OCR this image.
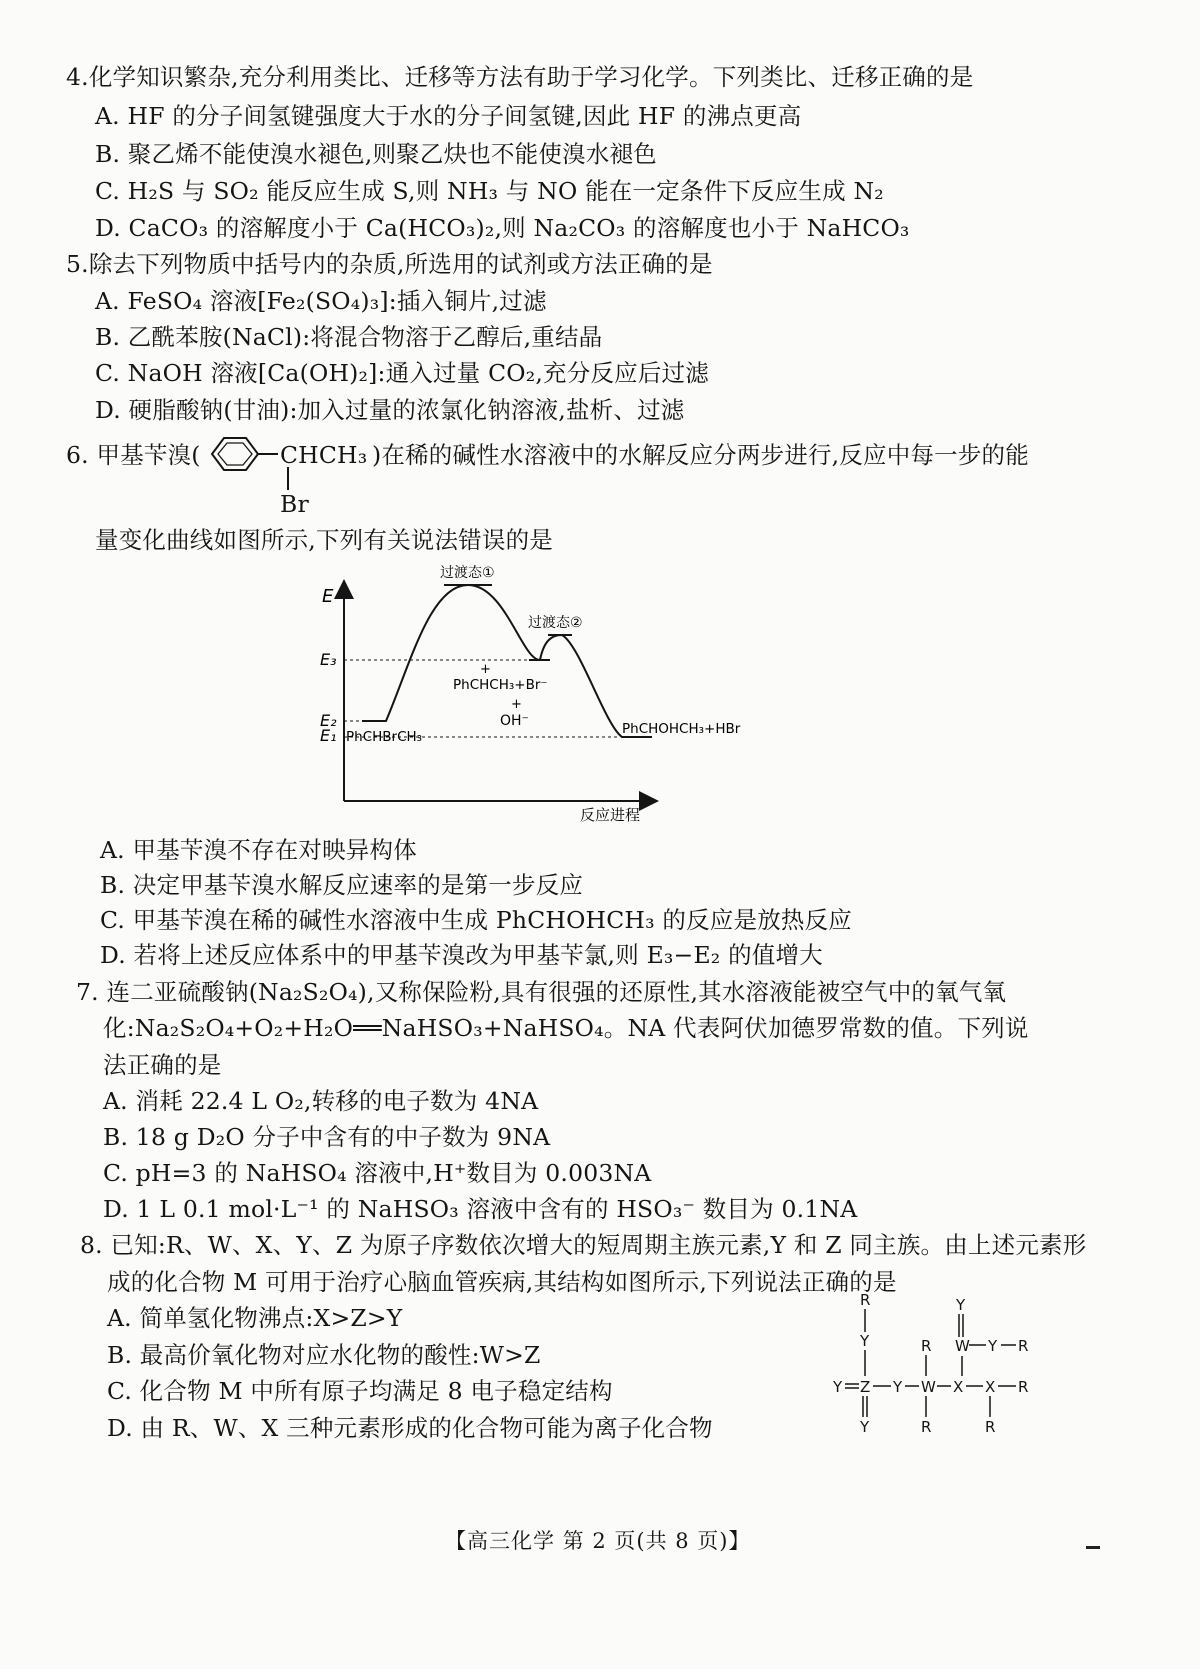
4.化学知识繁杂,充分利用类比、迁移等方法有助于学习化学。下列类比、迁移正确的是
A. HF 的分子间氢键强度大于水的分子间氢键,因此 HF 的沸点更高
B. 聚乙烯不能使溴水褪色,则聚乙炔也不能使溴水褪色
C. H₂S 与 SO₂ 能反应生成 S,则 NH₃ 与 NO 能在一定条件下反应生成 N₂
D. CaCO₃ 的溶解度小于 Ca(HCO₃)₂,则 Na₂CO₃ 的溶解度也小于 NaHCO₃
5.除去下列物质中括号内的杂质,所选用的试剂或方法正确的是
A. FeSO₄ 溶液[Fe₂(SO₄)₃]:插入铜片,过滤
B. 乙酰苯胺(NaCl):将混合物溶于乙醇后,重结晶
C. NaOH 溶液[Ca(OH)₂]:通入过量 CO₂,充分反应后过滤
D. 硬脂酸钠(甘油):加入过量的浓氯化钠溶液,盐析、过滤
6. 甲基苄溴(	CHCH₃
Br
)在稀的碱性水溶液中的水解反应分两步进行,反应中每一步的能
量变化曲线如图所示,下列有关说法错误的是
E
反应进程
E₃
E₂
E₁
过渡态①
过渡态②
PhCHBrCH₃
+
PhCHCH₃+Br⁻
+
OH⁻	PhCHOHCH₃+HBr
A. 甲基苄溴不存在对映异构体
B. 决定甲基苄溴水解反应速率的是第一步反应
C. 甲基苄溴在稀的碱性水溶液中生成 PhCHOHCH₃ 的反应是放热反应
D. 若将上述反应体系中的甲基苄溴改为甲基苄氯,则 E₃−E₂ 的值增大
7. 连二亚硫酸钠(Na₂S₂O₄),又称保险粉,具有很强的还原性,其水溶液能被空气中的氧气氧
化:Na₂S₂O₄+O₂+H₂O══NaHSO₃+NaHSO₄。NA 代表阿伏加德罗常数的值。下列说
法正确的是
A. 消耗 22.4 L O₂,转移的电子数为 4NA
B. 18 g D₂O 分子中含有的中子数为 9NA
C. pH=3 的 NaHSO₄ 溶液中,H⁺数目为 0.003NA
D. 1 L 0.1 mol·L⁻¹ 的 NaHSO₃ 溶液中含有的 HSO₃⁻ 数目为 0.1NA
8. 已知:R、W、X、Y、Z 为原子序数依次增大的短周期主族元素,Y 和 Z 同主族。由上述元素形
成的化合物 M 可用于治疗心脑血管疾病,其结构如图所示,下列说法正确的是
A. 简单氢化物沸点:X>Z>Y
B. 最高价氧化物对应水化物的酸性:W>Z
C. 化合物 M 中所有原子均满足 8 电子稳定结构
D. 由 R、W、X 三种元素形成的化合物可能为离子化合物
R
Y
Y Z
Y
Y
R
W
R
X
W
Y
Y R
X R
R
【高三化学 第 2 页(共 8 页)】
